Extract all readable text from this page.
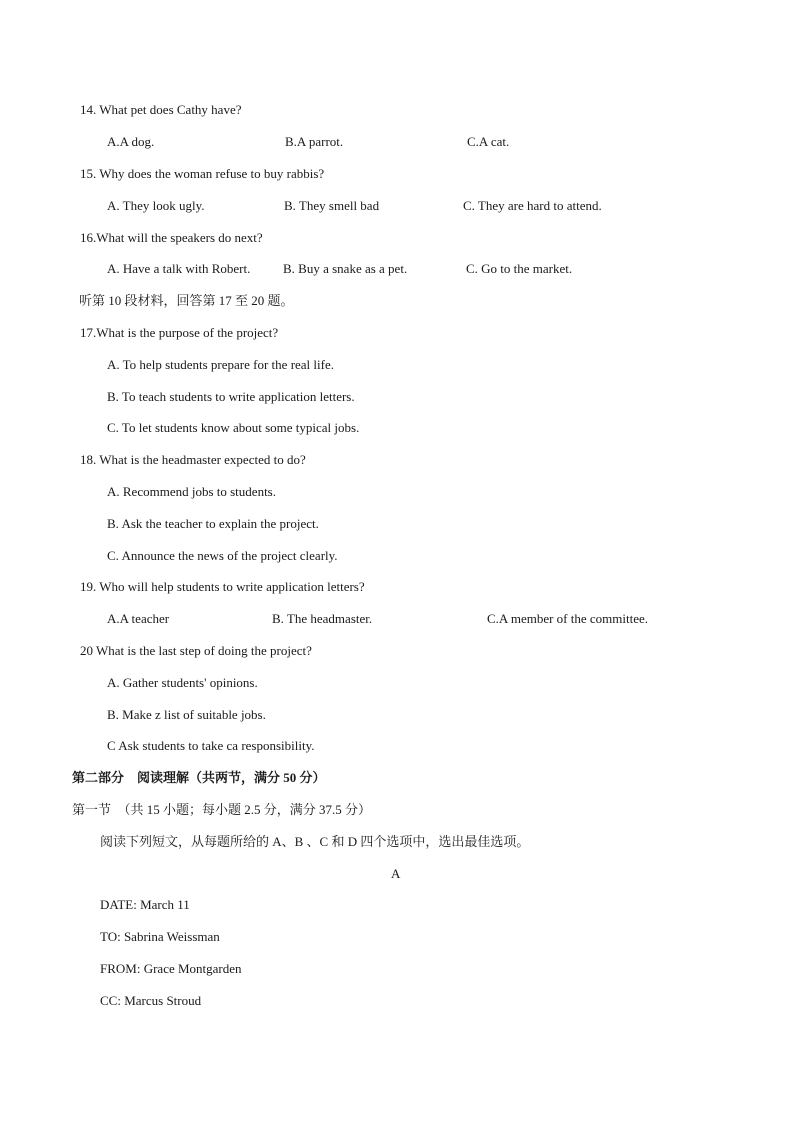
14. What pet does Cathy have?
A.A dog.	B.A parrot.	C.A cat.
15. Why does the woman refuse to buy rabbis?
A. They look ugly.	B. They smell bad	C. They are hard to attend.
16.What will the speakers do next?
A. Have a talk with Robert.	B. Buy a snake as a pet.	C. Go to the market.
听第 10 段材料，回答第 17 至 20 题。
17.What is the purpose of the project?
A. To help students prepare for the real life.
B. To teach students to write application letters.
C. To let students know about some typical jobs.
18. What is the headmaster expected to do?
A. Recommend jobs to students.
B. Ask the teacher to explain the project.
C. Announce the news of the project clearly.
19. Who will help students to write application letters?
A.A teacher	B. The headmaster.	C.A member of the committee.
20 What is the last step of doing the project?
A. Gather students' opinions.
B. Make z list of suitable jobs.
C Ask students to take ca responsibility.
第二部分　阅读理解（共两节，满分 50 分）
第一节　（共 15 小题；每小题 2.5 分，满分 37.5 分）
阅读下列短文，从每题所给的 A、B 、C 和 D 四个选项中，选出最佳选项。
A
DATE: March 11
TO: Sabrina Weissman
FROM: Grace Montgarden
CC: Marcus Stroud
